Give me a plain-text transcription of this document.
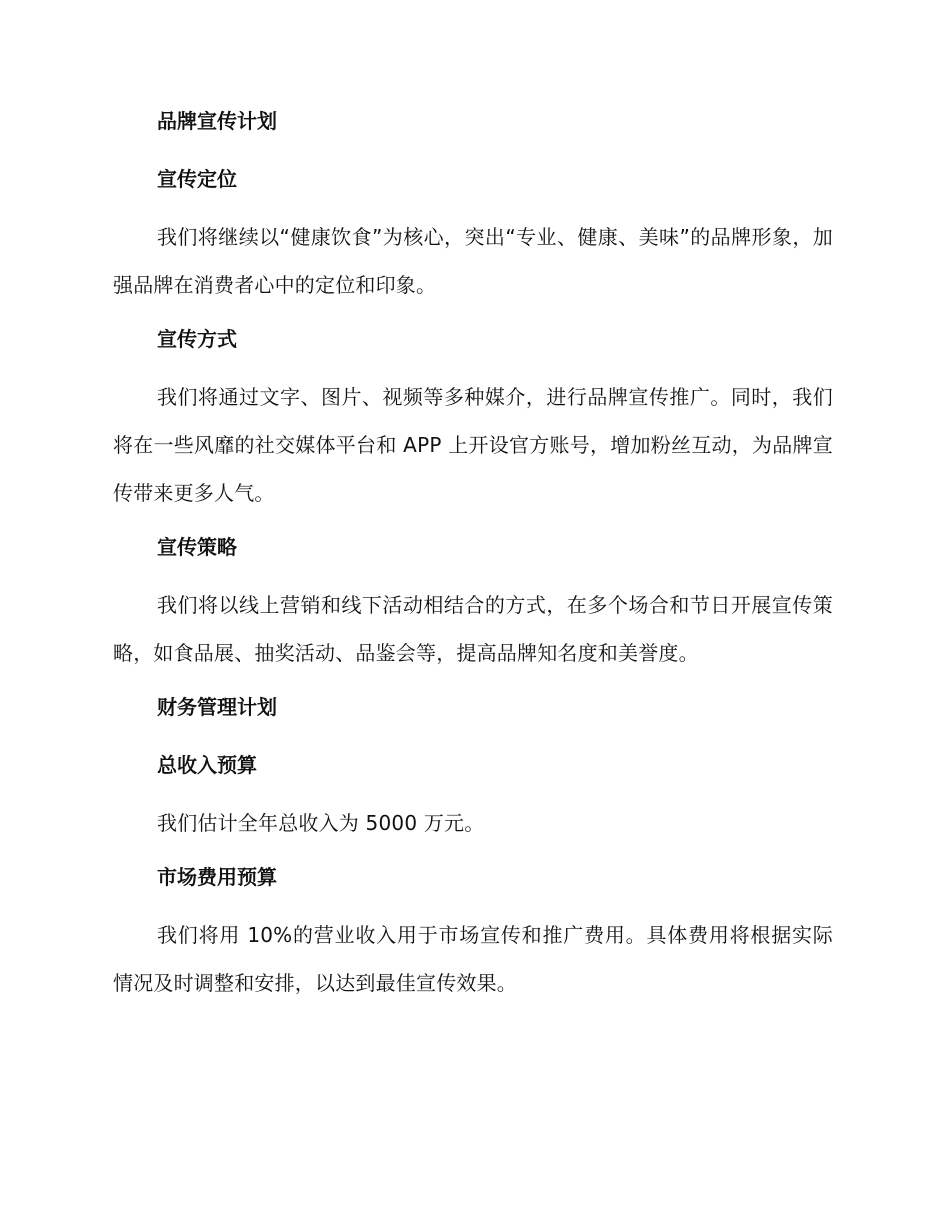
品牌宣传计划
宣传定位

我们将继续以“健康饮食”为核心，突出“专业、健康、美味”的品牌形象，加强品牌在消费者心中的定位和印象。

宣传方式

我们将通过文字、图片、视频等多种媒介，进行品牌宣传推广。同时，我们将在一些风靡的社交媒体平台和 APP 上开设官方账号，增加粉丝互动，为品牌宣传带来更多人气。

宣传策略

我们将以线上营销和线下活动相结合的方式，在多个场合和节日开展宣传策略，如食品展、抽奖活动、品鉴会等，提高品牌知名度和美誉度。

财务管理计划
总收入预算

我们估计全年总收入为 5000 万元。

市场费用预算

我们将用 10%的营业收入用于市场宣传和推广费用。具体费用将根据实际情况及时调整和安排，以达到最佳宣传效果。
